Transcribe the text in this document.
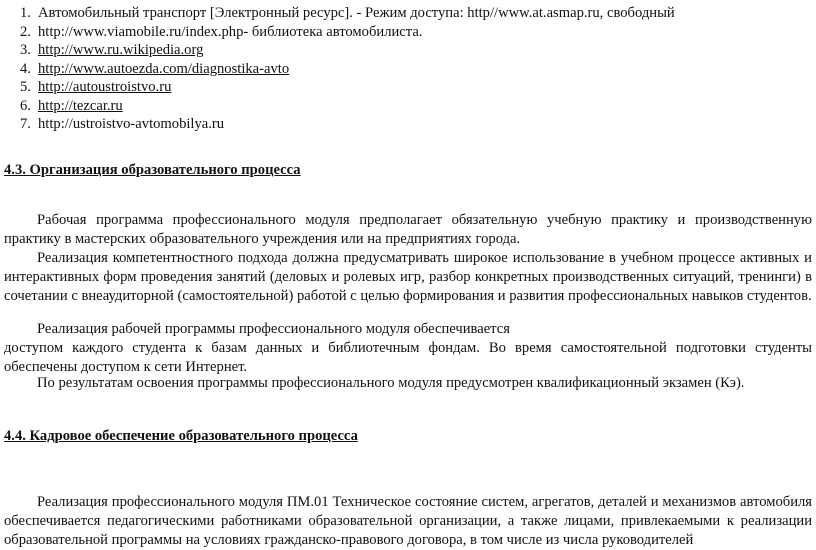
1. Автомобильный транспорт [Электронный ресурс]. - Режим доступа: http//www.at.asmap.ru, свободный
2. http://www.viamobile.ru/index.php- библиотека автомобилиста.
3. http://www.ru.wikipedia.org
4. http://www.autoezda.com/diagnostika-avto
5. http://autoustroistvo.ru
6. http://tezcar.ru
7. http://ustroistvo-avtomobilya.ru
4.3. Организация образовательного процесса

Рабочая программа профессионального модуля предполагает обязательную учебную практику и производственную практику в мастерских образовательного учреждения или на предприятиях города.

Реализация компетентностного подхода должна предусматривать широкое использование в учебном процессе активных и интерактивных форм проведения занятий (деловых и ролевых игр, разбор конкретных производственных ситуаций, тренинги) в сочетании с внеаудиторной (самостоятельной) работой с целью формирования и развития профессиональных навыков студентов.

Реализация рабочей программы профессионального модуля обеспечивается

доступом каждого студента к базам данных и библиотечным фондам. Во время самостоятельной подготовки студенты обеспечены доступом к сети Интернет.

По результатам освоения программы профессионального модуля предусмотрен квалификационный экзамен (Кэ).

4.4. Кадровое обеспечение образовательного процесса

Реализация профессионального модуля ПМ.01 Техническое состояние систем, агрегатов, деталей и механизмов автомобиля обеспечивается педагогическими работниками образовательной организации, а также лицами, привлекаемыми к реализации образовательной программы на условиях гражданско-правового договора, в том числе из числа руководителей
